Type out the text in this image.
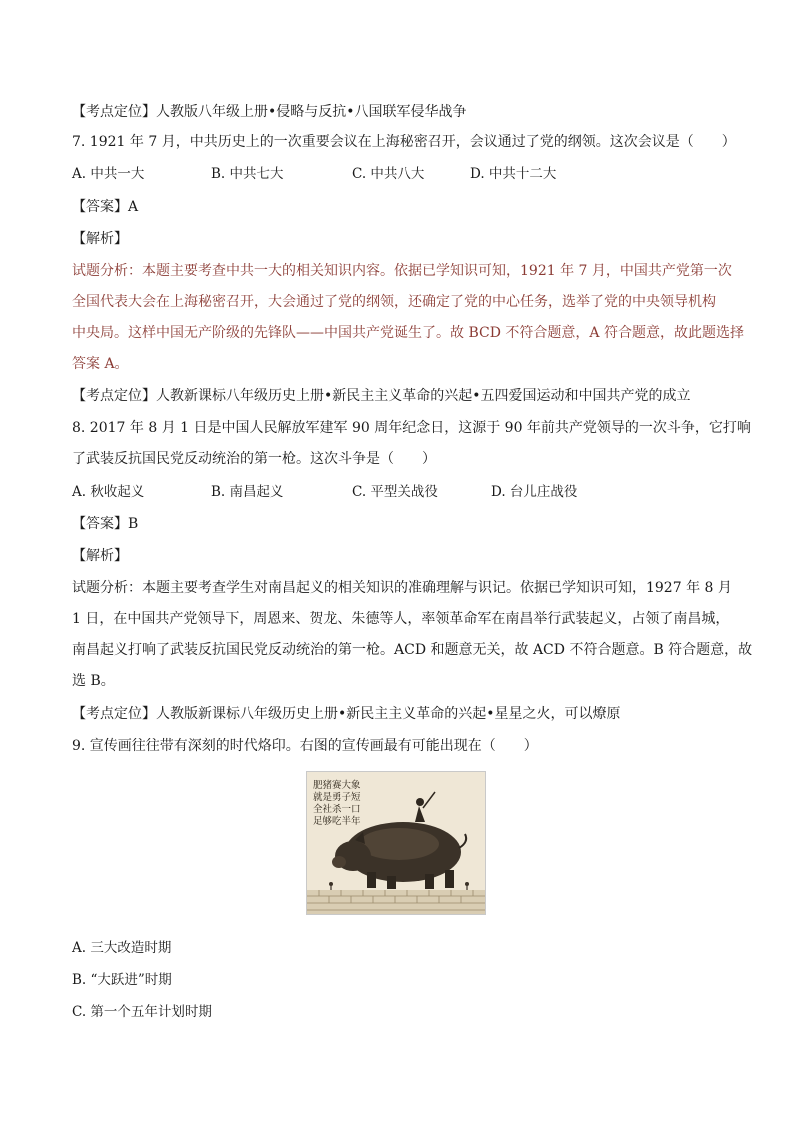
【考点定位】人教版八年级上册•侵略与反抗•八国联军侵华战争
7. 1921 年 7 月，中共历史上的一次重要会议在上海秘密召开，会议通过了党的纲领。这次会议是（　　）
A. 中共一大	B. 中共七大	C. 中共八大	D. 中共十二大
【答案】A
【解析】
试题分析：本题主要考查中共一大的相关知识内容。依据已学知识可知，1921 年 7 月，中国共产党第一次
全国代表大会在上海秘密召开，大会通过了党的纲领，还确定了党的中心任务，选举了党的中央领导机构
中央局。这样中国无产阶级的先锋队——中国共产党诞生了。故 BCD 不符合题意，A 符合题意，故此题选择
答案 A。
【考点定位】人教新课标八年级历史上册•新民主主义革命的兴起•五四爱国运动和中国共产党的成立
8. 2017 年 8 月 1 日是中国人民解放军建军 90 周年纪念日，这源于 90 年前共产党领导的一次斗争，它打响
了武装反抗国民党反动统治的第一枪。这次斗争是（　　）
A. 秋收起义	B. 南昌起义	C. 平型关战役	D. 台儿庄战役
【答案】B
【解析】
试题分析：本题主要考查学生对南昌起义的相关知识的准确理解与识记。依据已学知识可知，1927 年 8 月
1 日，在中国共产党领导下，周恩来、贺龙、朱德等人，率领革命军在南昌举行武装起义，占领了南昌城，
南昌起义打响了武装反抗国民党反动统治的第一枪。ACD 和题意无关，故 ACD 不符合题意。B 符合题意，故
选 B。
【考点定位】人教版新课标八年级历史上册•新民主主义革命的兴起•星星之火，可以燎原
9. 宣传画往往带有深刻的时代烙印。右图的宣传画最有可能出现在（　　）
肥猪赛大象
就是勇子短
全社杀一口
足够吃半年
A. 三大改造时期
B. “大跃进”时期
C. 第一个五年计划时期
